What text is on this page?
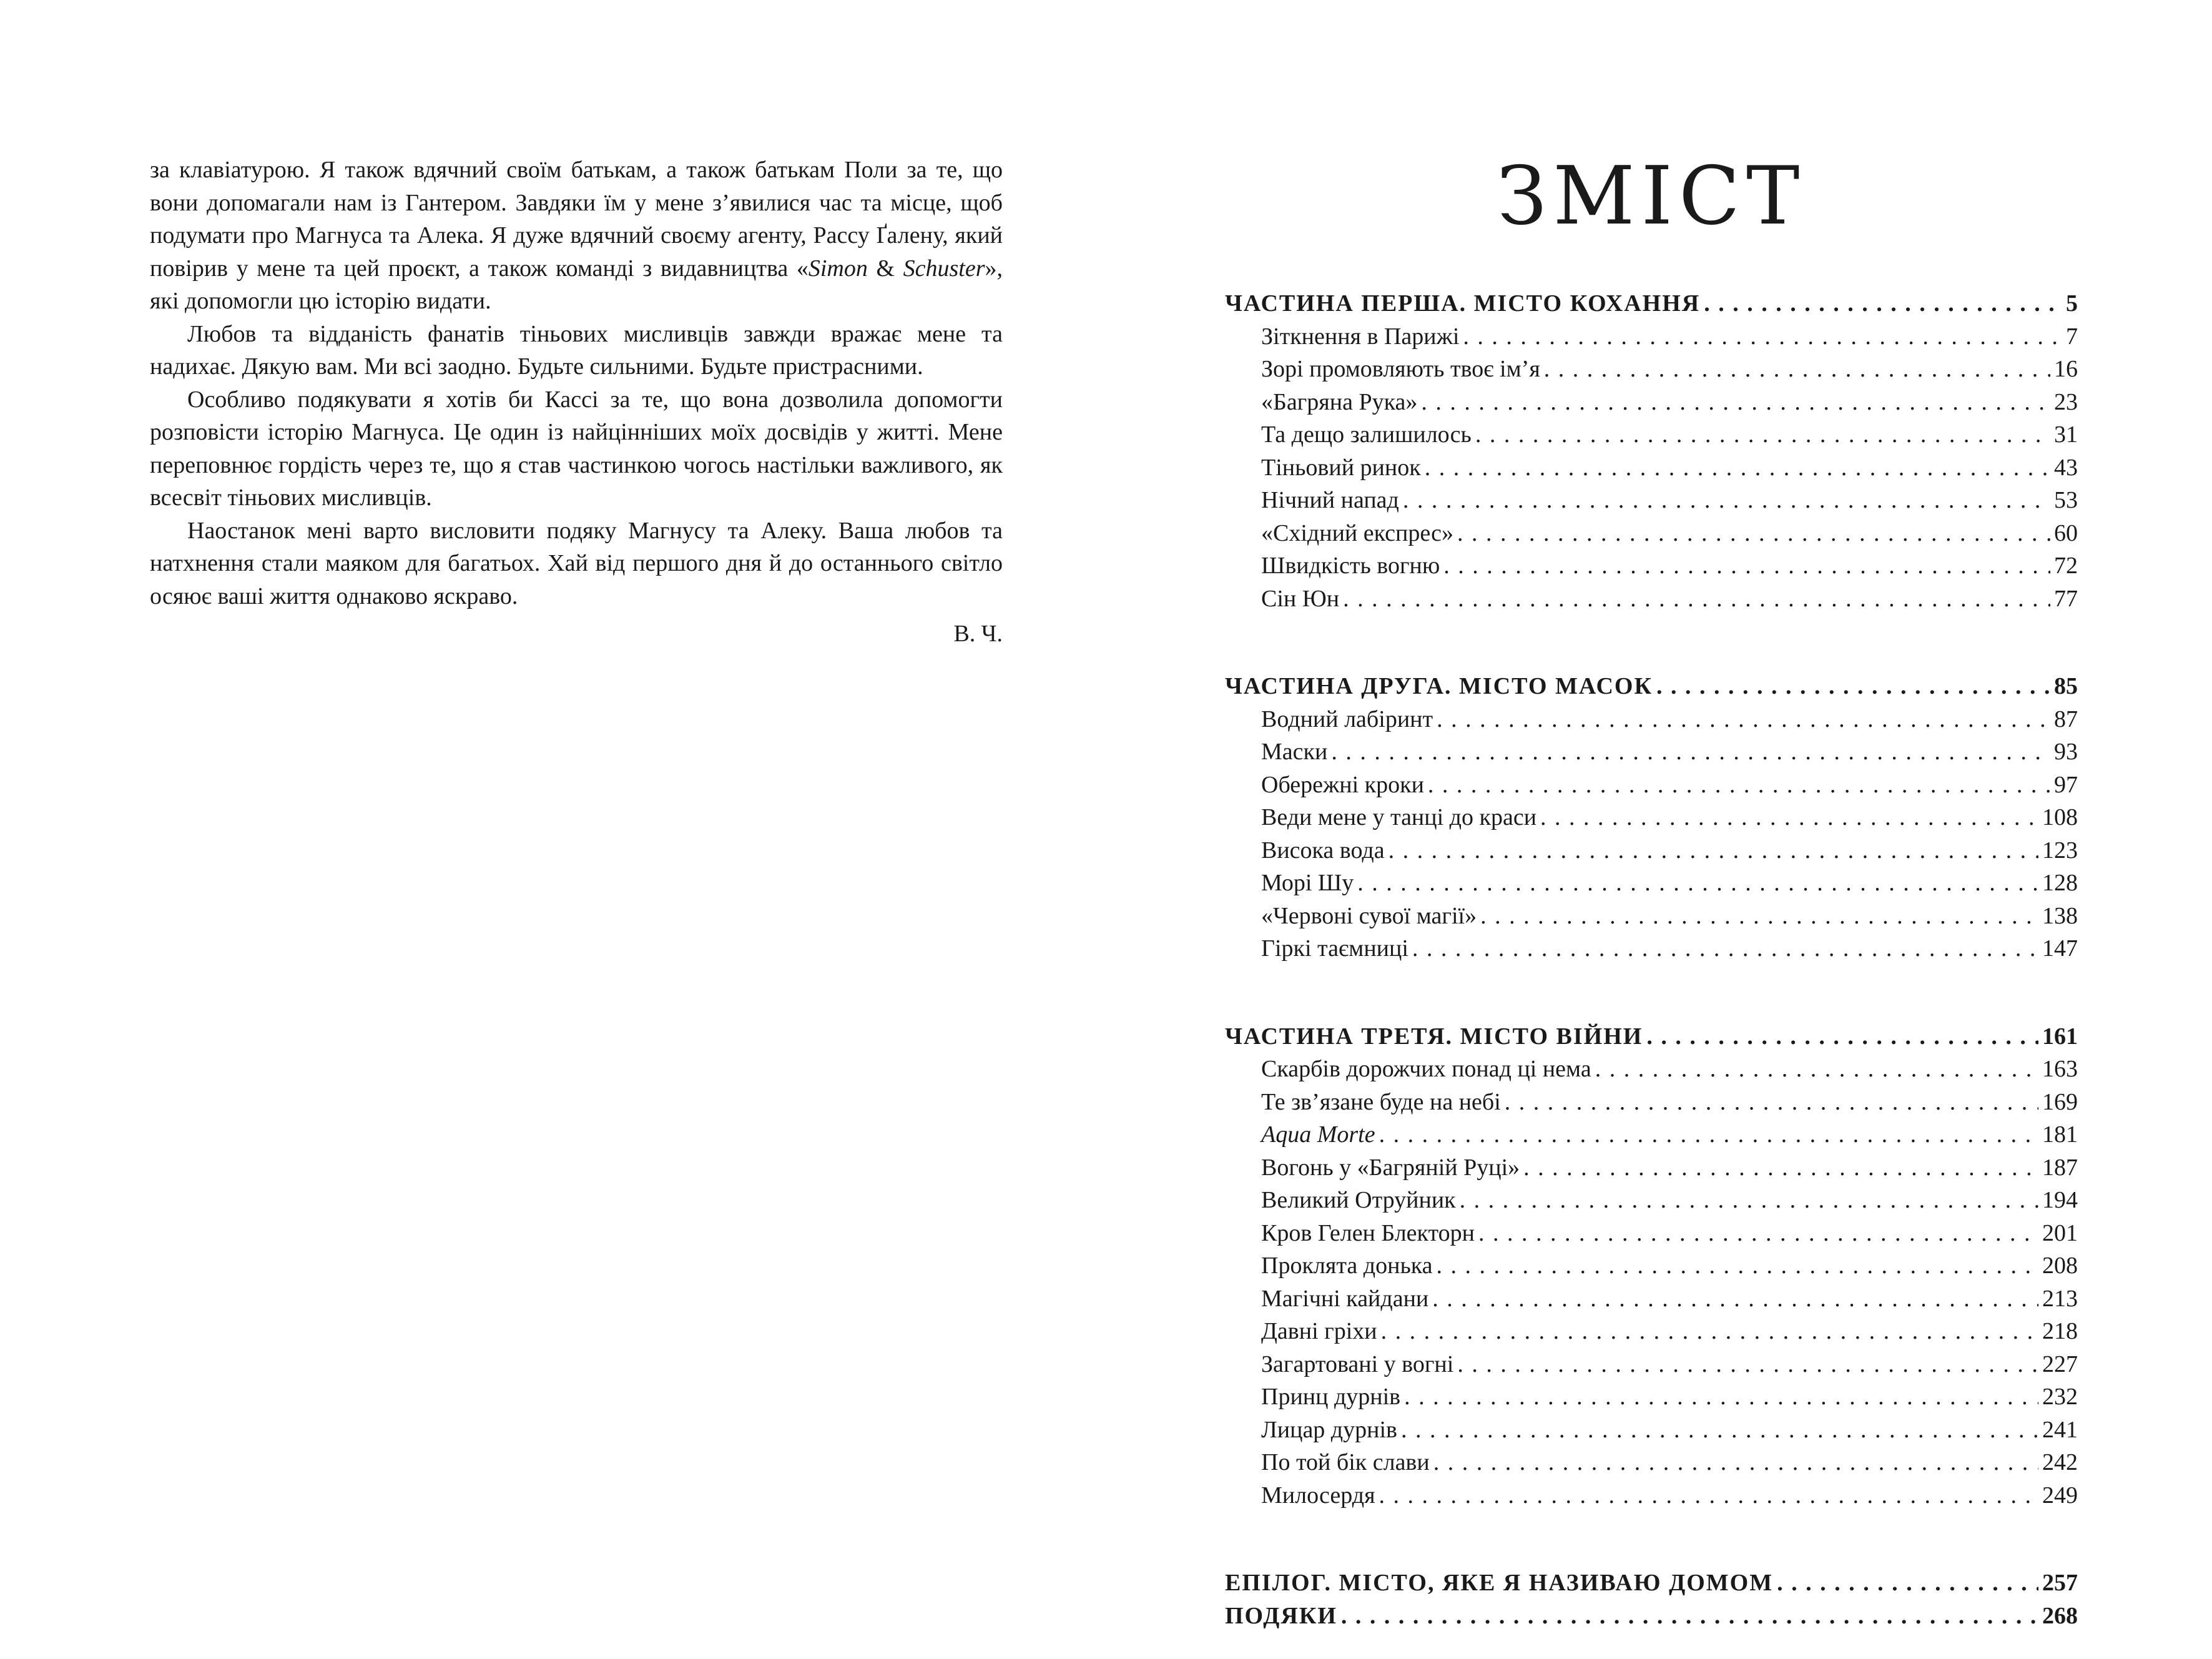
за клавіатурою. Я також вдячний своїм батькам, а також батькам Поли за те, що вони допомагали нам із Гантером. Завдяки їм у мене з’явилися час та місце, щоб подумати про Магнуса та Алека. Я дуже вдячний своєму агенту, Рассу Ґалену, який повірив у мене та цей проєкт, а також команді з видавництва «Simon & Schuster», які допомогли цю історію видати.

Любов та відданість фанатів тіньових мисливців завжди вражає мене та надихає. Дякую вам. Ми всі заодно. Будьте сильними. Будьте пристрасними.

Особливо подякувати я хотів би Кассі за те, що вона дозволила допомогти розповісти історію Магнуса. Це один із найцінніших моїх досвідів у житті. Мене переповнює гордість через те, що я став частинкою чогось настільки важливого, як всесвіт тіньових мисливців.

Наостанок мені варто висловити подяку Магнусу та Алеку. Ваша любов та натхнення стали маяком для багатьох. Хай від першого дня й до останнього світло осяює ваші життя однаково яскраво.

В. Ч.

ЗМІСТ
ЧАСТИНА ПЕРША. МІСТО КОХАННЯ . . .	5
Зіткнення в Парижі . . .	7
Зорі промовляють твоє ім’я . . .	16
«Багряна Рука» . . .	23
Та дещо залишилось . . .	31
Тіньовий ринок . . .	43
Нічний напад . . .	53
«Східний експрес» . . .	60
Швидкість вогню . . .	72
Сін Юн . . .	77
ЧАСТИНА ДРУГА. МІСТО МАСОК . . .	85
Водний лабіринт . . .	87
Маски . . .	93
Обережні кроки . . .	97
Веди мене у танці до краси . . .	108
Висока вода . . .	123
Морі Шу . . .	128
«Червоні сувої магії» . . .	138
Гіркі таємниці . . .	147
ЧАСТИНА ТРЕТЯ. МІСТО ВІЙНИ . . .	161
Скарбів дорожчих понад ці нема . . .	163
Те зв’язане буде на небі . . .	169
Aqua Morte . . .	181
Вогонь у «Багряній Руці» . . .	187
Великий Отруйник . . .	194
Кров Гелен Блекторн . . .	201
Проклята донька . . .	208
Магічні кайдани . . .	213
Давні гріхи . . .	218
Загартовані у вогні . . .	227
Принц дурнів . . .	232
Лицар дурнів . . .	241
По той бік слави . . .	242
Милосердя . . .	249
ЕПІЛОГ. МІСТО, ЯКЕ Я НАЗИВАЮ ДОМОМ . . .	257
ПОДЯКИ . . .	268
